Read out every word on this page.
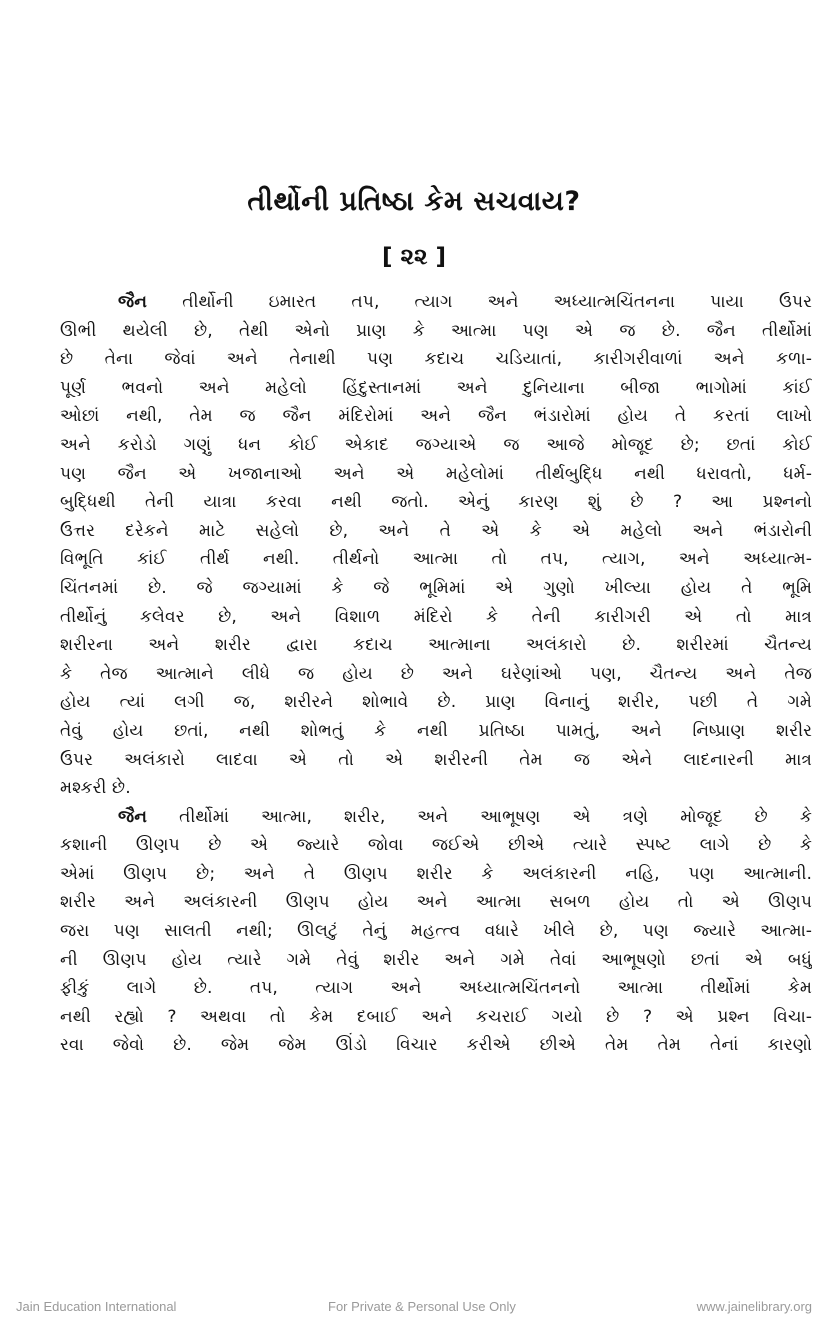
તીર્થોની પ્રતિષ્ઠા કેમ સચવાય?
[ ૨૨ ]
જૈન તીર્થોની ઇમારત તપ, ત્યાગ અને અધ્યાત્મચિંતનના પાયા ઉપર
ઊભી થયેલી છે, તેથી એનો પ્રાણ કે આત્મા પણ એ જ છે. જૈન તીર્થોમાં
છે તેના જેવાં અને તેનાથી પણ કદાચ ચડિયાતાં, કારીગરીવાળાં અને કળા-
પૂર્ણ ભવનો અને મહેલો હિંદુસ્તાનમાં અને દુનિયાના બીજા ભાગોમાં કાંઈ
ઓછાં નથી, તેમ જ જૈન મંદિરોમાં અને જૈન ભંડારોમાં હોય તે કરતાં લાખો
અને કરોડો ગણું ધન કોઈ એકાદ જગ્યાએ જ આજે મોજૂદ છે; છતાં કોઈ
પણ જૈન એ ખજાનાઓ અને એ મહેલોમાં તીર્થબુદ્ધિ નથી ધરાવતો, ધર્મ-
બુદ્ધિથી તેની યાત્રા કરવા નથી જતો. એનું કારણ શું છે ? આ પ્રશ્નનો
ઉત્તર દરેકને માટે સહેલો છે, અને તે એ કે એ મહેલો અને ભંડારોની
વિભૂતિ કાંઈ તીર્થ નથી. તીર્થનો આત્મા તો તપ, ત્યાગ, અને અધ્યાત્મ-
ચિંતનમાં છે. જે જગ્યામાં કે જે ભૂમિમાં એ ગુણો ખીલ્યા હોય તે ભૂમિ
તીર્થોનું કલેવર છે, અને વિશાળ મંદિરો કે તેની કારીગરી એ તો માત્ર
શરીરના અને શરીર દ્વારા કદાચ આત્માના અલંકારો છે. શરીરમાં ચૈતન્ય
કે તેજ આત્માને લીધે જ હોય છે અને ઘરેણાંઓ પણ, ચૈતન્ય અને તેજ
હોય ત્યાં લગી જ, શરીરને શોભાવે છે. પ્રાણ વિનાનું શરીર, પછી તે ગમે
તેવું હોય છતાં, નથી શોભતું કે નથી પ્રતિષ્ઠા પામતું, અને નિષ્પ્રાણ શરીર
ઉપર અલંકારો લાદવા એ તો એ શરીરની તેમ જ એને લાદનારની માત્ર
મશ્કરી છે.
જૈન તીર્થોમાં આત્મા, શરીર, અને આભૂષણ એ ત્રણે મોજૂદ છે કે
કશાની ઊણપ છે એ જ્યારે જોવા જઈએ છીએ ત્યારે સ્પષ્ટ લાગે છે કે
એમાં ઊણપ છે; અને તે ઊણપ શરીર કે અલંકારની નહિ, પણ આત્માની.
શરીર અને અલંકારની ઊણપ હોય અને આત્મા સબળ હોય તો એ ઊણપ
જરા પણ સાલતી નથી; ઊલટું તેનું મહત્ત્વ વધારે ખીલે છે, પણ જ્યારે આત્મા-
ની ઊણપ હોય ત્યારે ગમે તેવું શરીર અને ગમે તેવાં આભૂષણો છતાં એ બધું
ફીકું લાગે છે. તપ, ત્યાગ અને અધ્યાત્મચિંતનનો આત્મા તીર્થોમાં કેમ
નથી રહ્યો ? અથવા તો કેમ દબાઈ અને કચરાઈ ગયો છે ? એ પ્રશ્ન વિચા-
રવા જેવો છે. જેમ જેમ ઊંડો વિચાર કરીએ છીએ તેમ તેમ તેનાં કારણો
Jain Education International	For Private & Personal Use Only	www.jainelibrary.org
